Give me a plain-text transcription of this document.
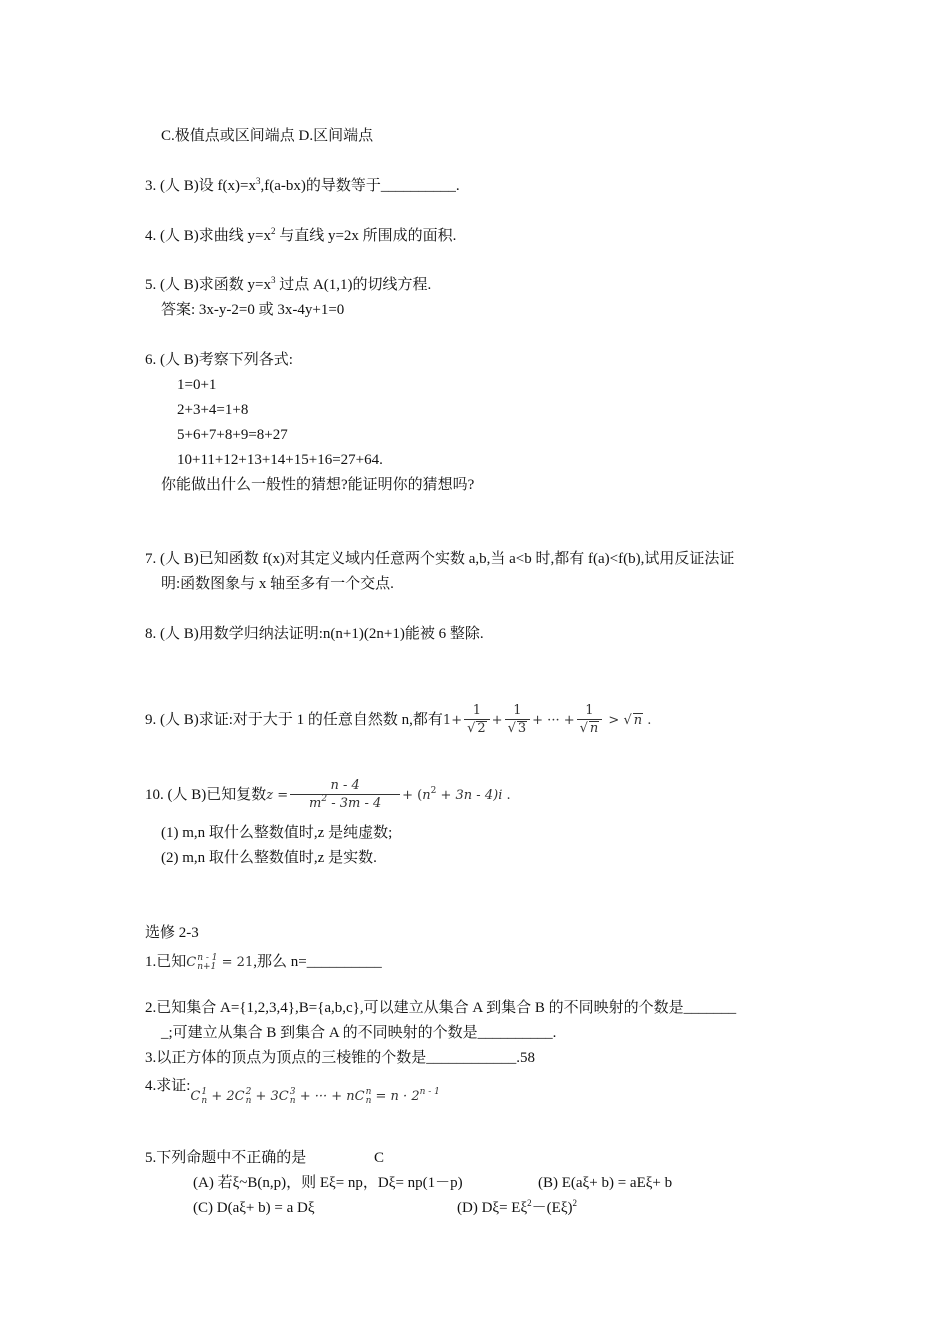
C.极值点或区间端点 D.区间端点
3. (人 B)设 $f(x)=x^3,f(a-bx)$的导数等于__________.
4. (人 B)求曲线 $y=x^2$ 与直线 y=2x 所围成的面积.
5. (人 B)求函数 $y=x^3$ 过点 A(1,1)的切线方程.
答案: 3x-y-2=0 或 3x-4y+1=0
6. (人 B)考察下列各式:
1=0+1
2+3+4=1+8
5+6+7+8+9=8+27
10+11+12+13+14+15+16=27+64.
你能做出什么一般性的猜想?能证明你的猜想吗?
7. (人 B)已知函数 f(x)对其定义域内任意两个实数 a,b,当 a<b 时,都有 f(a)<f(b),试用反证法证
明:函数图象与 x 轴至多有一个交点.
8. (人 B)用数学归纳法证明:n(n+1)(2n+1)能被 6 整除.
9. (人 B)求证:对于大于 1 的任意自然数 n,都有$1+ \frac{1}{√ 2} + \frac{1}{√ 3}$ + ··· + $\frac{1}{√ n}$ > √ n .
10. (人 B)已知复数$z = \frac{n - 4}{m^2 - 3m - 4} + (n^2 + 3n - 4)i$ .
(1) m,n 取什么整数值时,z 是纯虚数;
(2) m,n 取什么整数值时,z 是实数.
选修 2-3
1.已知C n - 1
n+1 = 21,那么 n=__________
2.已知集合 A={1,2,3,4},B={a,b,c},可以建立从集合 A 到集合 B 的不同映射的个数是_______
_;可建立从集合 B 到集合 A 的不同映射的个数是__________.
3.以正方体的顶点为顶点的三棱锥的个数是____________.58
4.求证:C 1
n + 2C 2
n + 3C 3
n + ··· + nC n
$n = n \cdot 2^{n - 1}$
5.下列命题中不正确的是	C
(A) 若ξ~B(n,p)，则 Eξ= np，Dξ= np(1－p)	(B) E(aξ+ b) = aEξ+ b
(C) D(aξ+ b) = a Dξ	(D) $D\xi= E\xi^2-(E\xi)^2$
